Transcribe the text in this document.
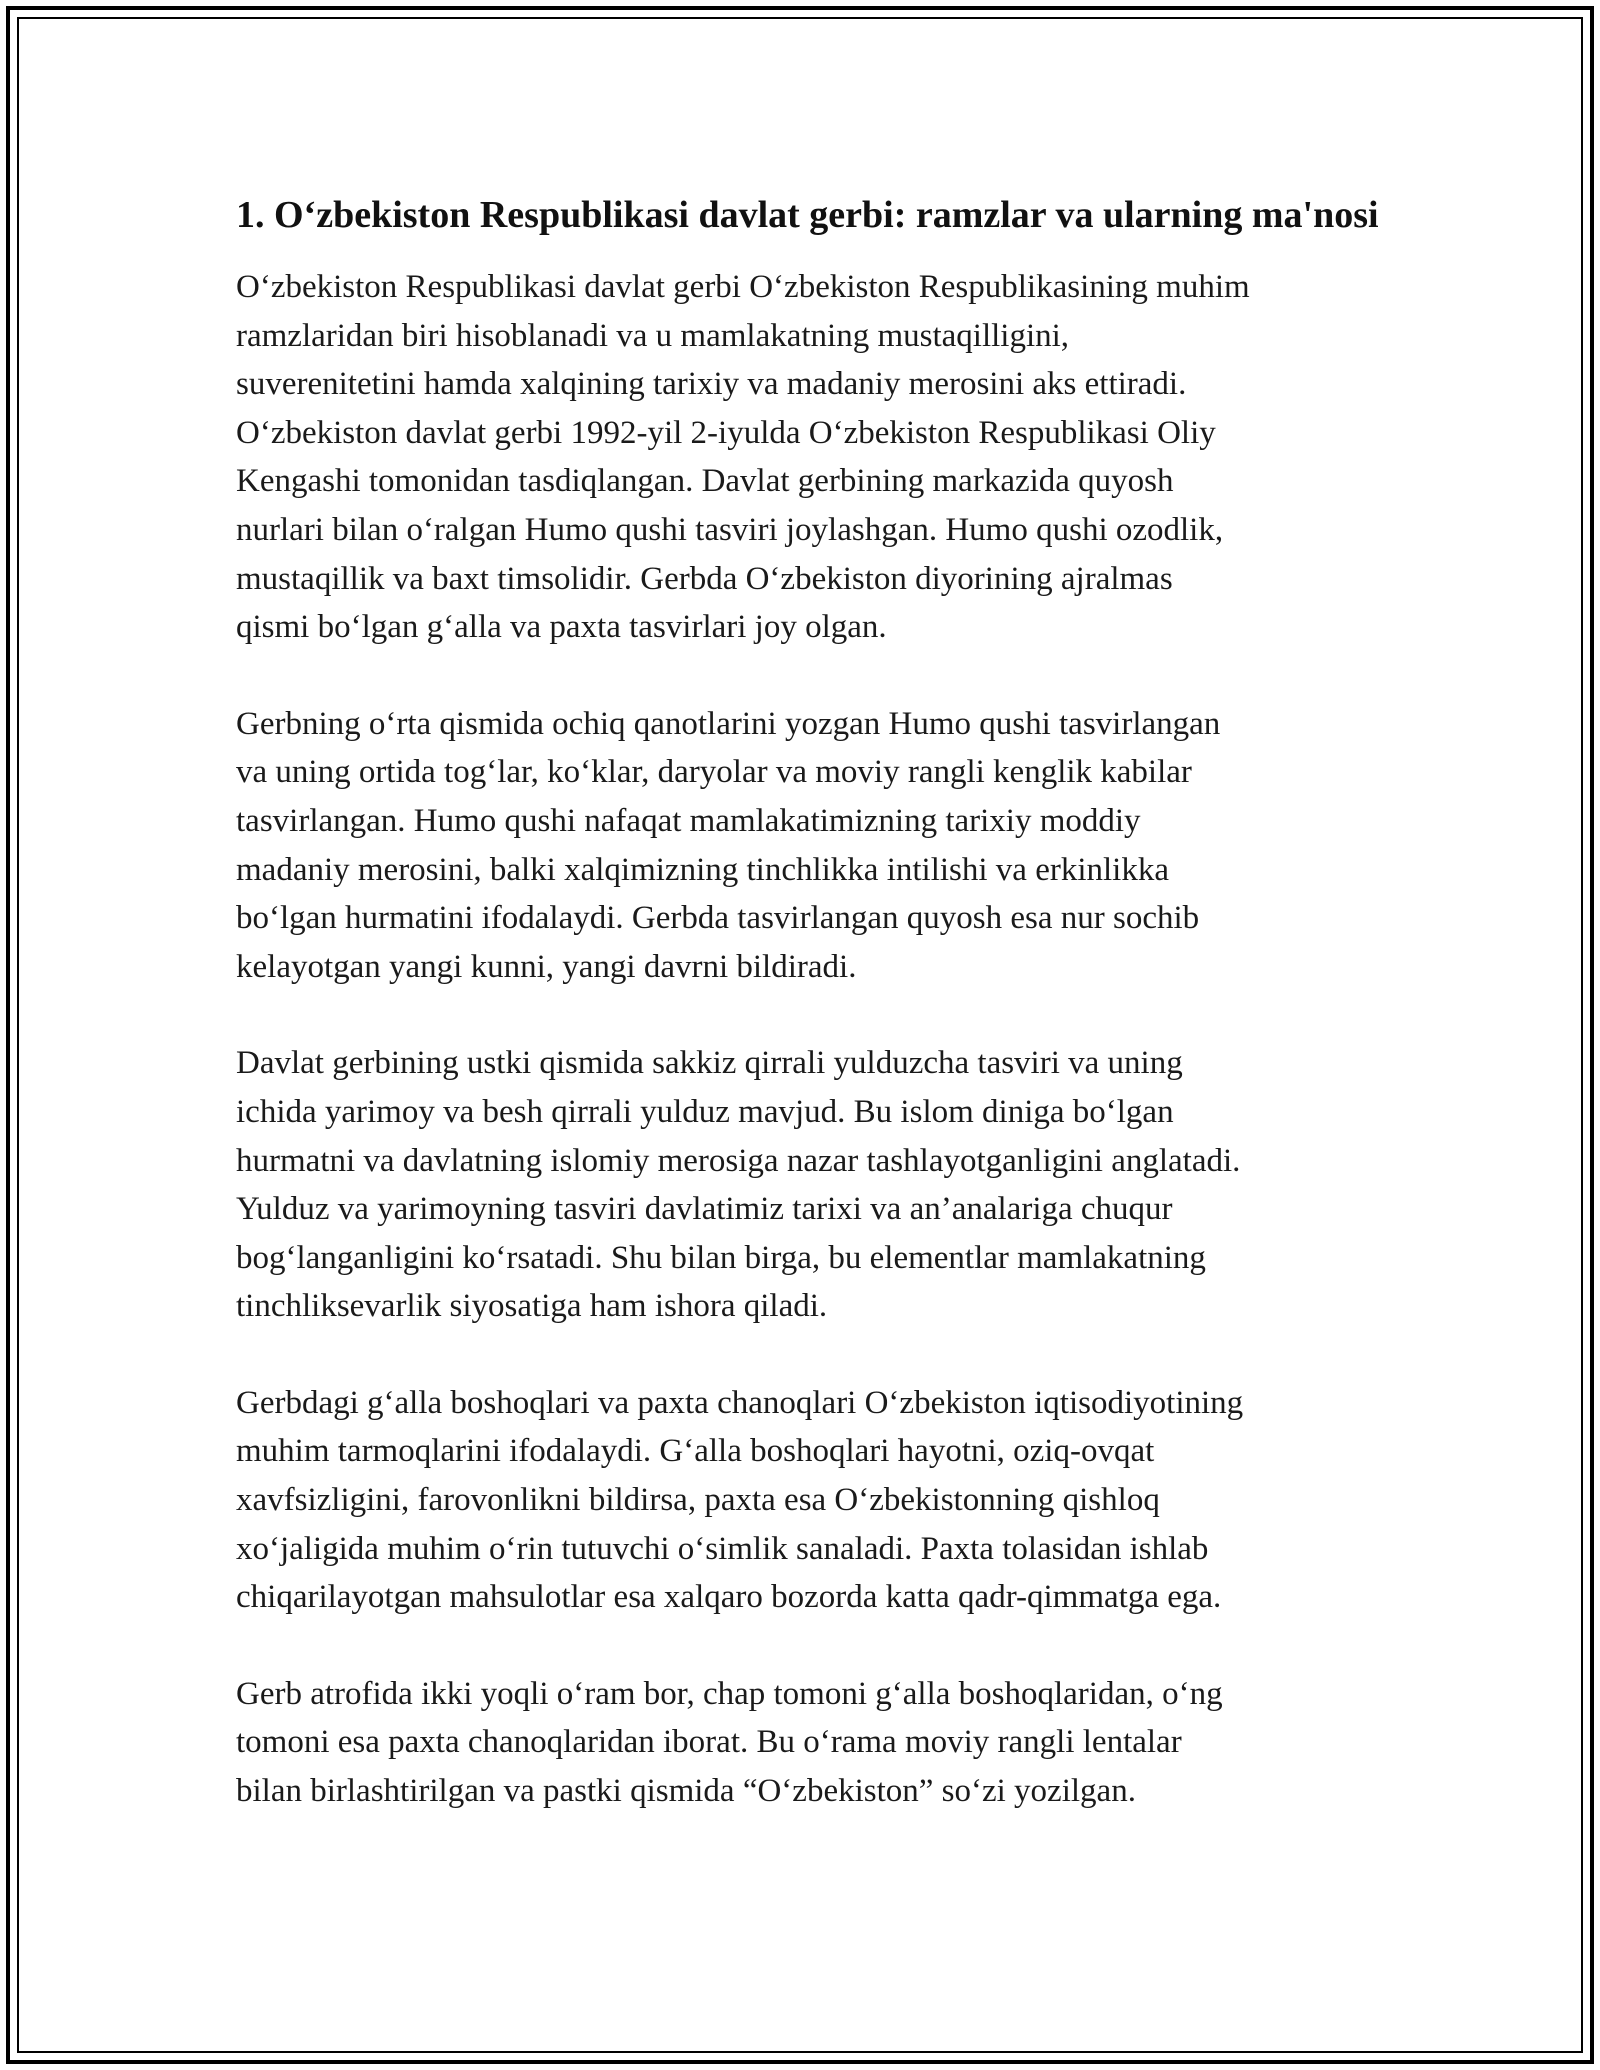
1. O‘zbekiston Respublikasi davlat gerbi: ramzlar va ularning ma'nosi

O‘zbekiston Respublikasi davlat gerbi O‘zbekiston Respublikasining muhim
ramzlaridan biri hisoblanadi va u mamlakatning mustaqilligini,
suverenitetini hamda xalqining tarixiy va madaniy merosini aks ettiradi.
O‘zbekiston davlat gerbi 1992-yil 2-iyulda O‘zbekiston Respublikasi Oliy
Kengashi tomonidan tasdiqlangan. Davlat gerbining markazida quyosh
nurlari bilan o‘ralgan Humo qushi tasviri joylashgan. Humo qushi ozodlik,
mustaqillik va baxt timsolidir. Gerbda O‘zbekiston diyorining ajralmas
qismi bo‘lgan g‘alla va paxta tasvirlari joy olgan.

Gerbning o‘rta qismida ochiq qanotlarini yozgan Humo qushi tasvirlangan
va uning ortida tog‘lar, ko‘klar, daryolar va moviy rangli kenglik kabilar
tasvirlangan. Humo qushi nafaqat mamlakatimizning tarixiy moddiy
madaniy merosini, balki xalqimizning tinchlikka intilishi va erkinlikka
bo‘lgan hurmatini ifodalaydi. Gerbda tasvirlangan quyosh esa nur sochib
kelayotgan yangi kunni, yangi davrni bildiradi.

Davlat gerbining ustki qismida sakkiz qirrali yulduzcha tasviri va uning
ichida yarimoy va besh qirrali yulduz mavjud. Bu islom diniga bo‘lgan
hurmatni va davlatning islomiy merosiga nazar tashlayotganligini anglatadi.
Yulduz va yarimoyning tasviri davlatimiz tarixi va an’analariga chuqur
bog‘langanligini ko‘rsatadi. Shu bilan birga, bu elementlar mamlakatning
tinchliksevarlik siyosatiga ham ishora qiladi.

Gerbdagi g‘alla boshoqlari va paxta chanoqlari O‘zbekiston iqtisodiyotining
muhim tarmoqlarini ifodalaydi. G‘alla boshoqlari hayotni, oziq-ovqat
xavfsizligini, farovonlikni bildirsa, paxta esa O‘zbekistonning qishloq
xo‘jaligida muhim o‘rin tutuvchi o‘simlik sanaladi. Paxta tolasidan ishlab
chiqarilayotgan mahsulotlar esa xalqaro bozorda katta qadr-qimmatga ega.

Gerb atrofida ikki yoqli o‘ram bor, chap tomoni g‘alla boshoqlaridan, o‘ng
tomoni esa paxta chanoqlaridan iborat. Bu o‘rama moviy rangli lentalar
bilan birlashtirilgan va pastki qismida “O‘zbekiston” so‘zi yozilgan.
